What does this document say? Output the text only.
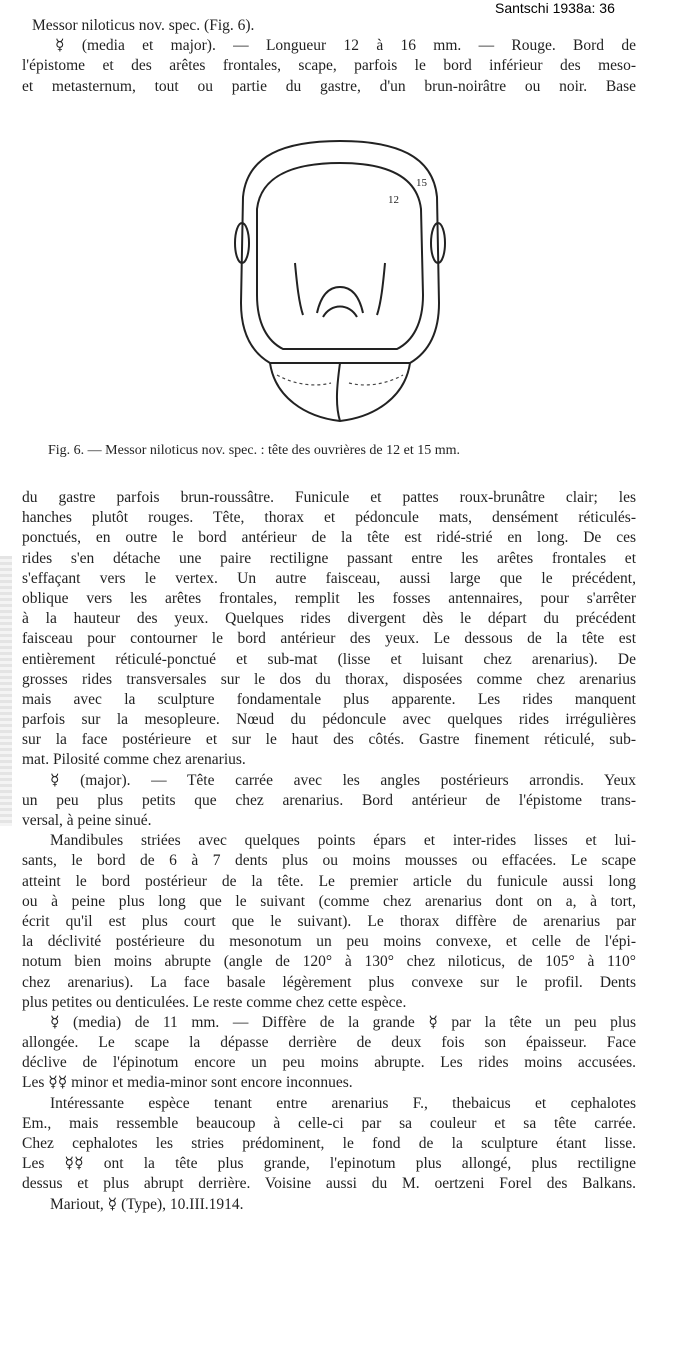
Santschi 1938a: 36
Messor niloticus nov. spec. (Fig. 6).
☿ (media et major). — Longueur 12 à 16 mm. — Rouge. Bord de
l'épistome et des arêtes frontales, scape, parfois le bord inférieur des meso-
et metasternum, tout ou partie du gastre, d'un brun-noirâtre ou noir. Base
12
15
Fig. 6. — Messor niloticus nov. spec. : tête des ouvrières de 12 et 15 mm.
du gastre parfois brun-roussâtre. Funicule et pattes roux-brunâtre clair; les
hanches plutôt rouges. Tête, thorax et pédoncule mats, densément réticulés-
ponctués, en outre le bord antérieur de la tête est ridé-strié en long. De ces
rides s'en détache une paire rectiligne passant entre les arêtes frontales et
s'effaçant vers le vertex. Un autre faisceau, aussi large que le précédent,
oblique vers les arêtes frontales, remplit les fosses antennaires, pour s'arrêter
à la hauteur des yeux. Quelques rides divergent dès le départ du précédent
faisceau pour contourner le bord antérieur des yeux. Le dessous de la tête est
entièrement réticulé-ponctué et sub-mat (lisse et luisant chez arenarius). De
grosses rides transversales sur le dos du thorax, disposées comme chez arenarius
mais avec la sculpture fondamentale plus apparente. Les rides manquent
parfois sur la mesopleure. Nœud du pédoncule avec quelques rides irrégulières
sur la face postérieure et sur le haut des côtés. Gastre finement réticulé, sub-
mat. Pilosité comme chez arenarius.
☿ (major). — Tête carrée avec les angles postérieurs arrondis. Yeux
un peu plus petits que chez arenarius. Bord antérieur de l'épistome trans-
versal, à peine sinué.
Mandibules striées avec quelques points épars et inter-rides lisses et lui-
sants, le bord de 6 à 7 dents plus ou moins mousses ou effacées. Le scape
atteint le bord postérieur de la tête. Le premier article du funicule aussi long
ou à peine plus long que le suivant (comme chez arenarius dont on a, à tort,
écrit qu'il est plus court que le suivant). Le thorax diffère de arenarius par
la déclivité postérieure du mesonotum un peu moins convexe, et celle de l'épi-
notum bien moins abrupte (angle de 120° à 130° chez niloticus, de 105° à 110°
chez arenarius). La face basale légèrement plus convexe sur le profil. Dents
plus petites ou denticulées. Le reste comme chez cette espèce.
☿ (media) de 11 mm. — Diffère de la grande ☿ par la tête un peu plus
allongée. Le scape la dépasse derrière de deux fois son épaisseur. Face
déclive de l'épinotum encore un peu moins abrupte. Les rides moins accusées.
Les ☿☿ minor et media-minor sont encore inconnues.
Intéressante espèce tenant entre arenarius F., thebaicus et cephalotes
Em., mais ressemble beaucoup à celle-ci par sa couleur et sa tête carrée.
Chez cephalotes les stries prédominent, le fond de la sculpture étant lisse.
Les ☿☿ ont la tête plus grande, l'epinotum plus allongé, plus rectiligne
dessus et plus abrupt derrière. Voisine aussi du M. oertzeni Forel des Balkans.
Mariout, ☿ (Type), 10.III.1914.
